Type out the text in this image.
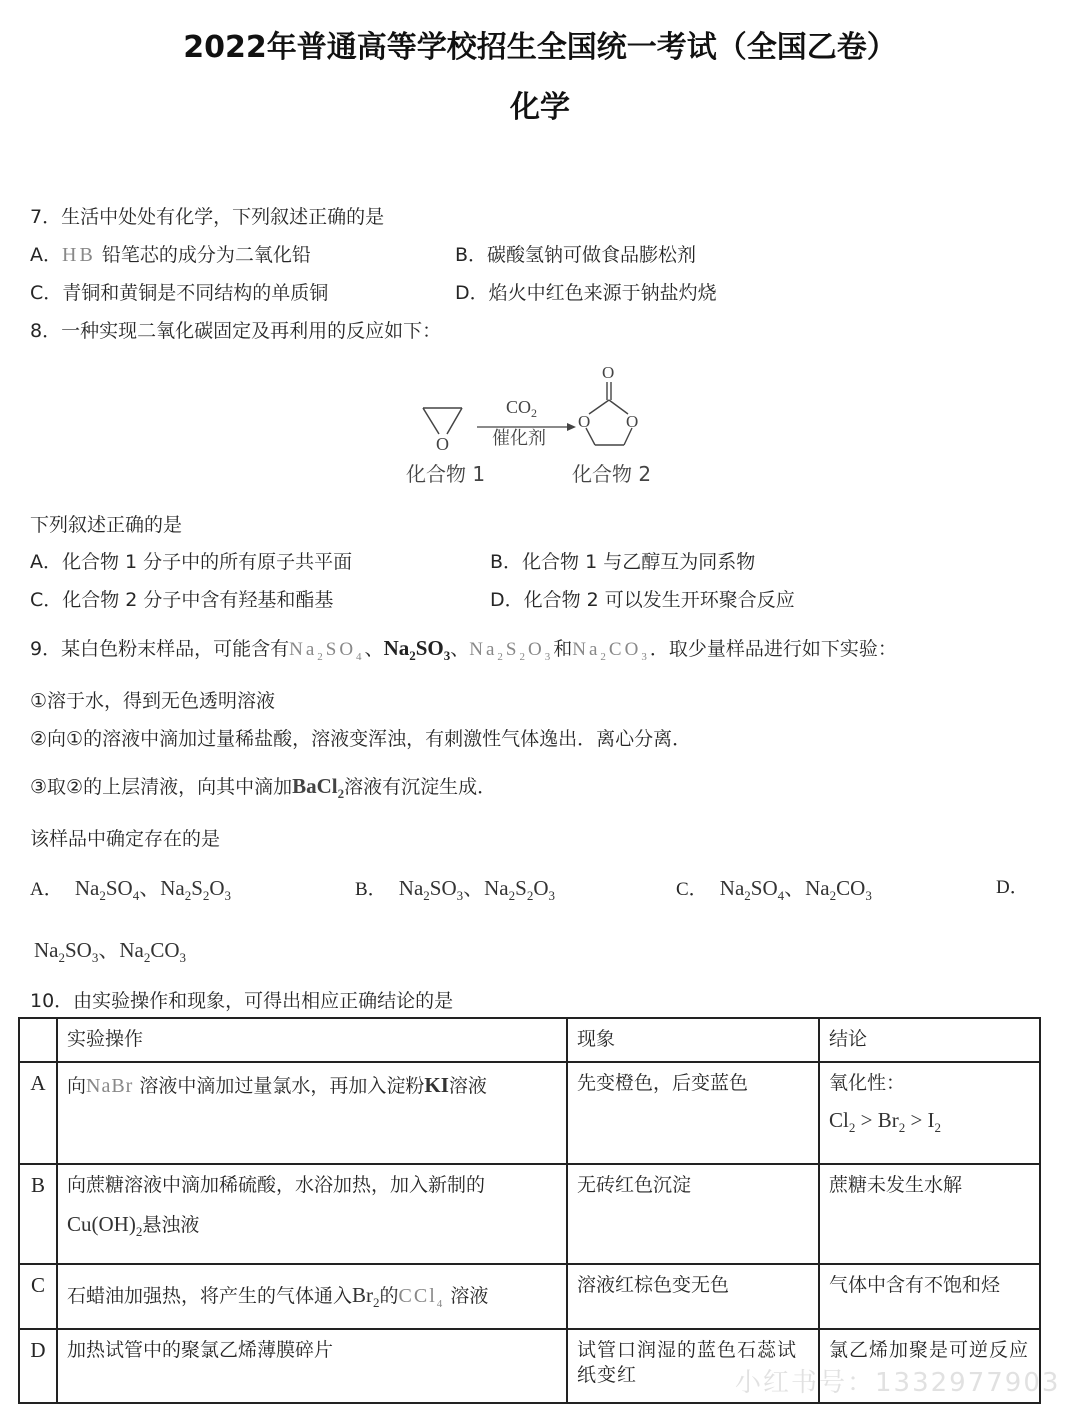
2022年普通高等学校招生全国统一考试（全国乙卷）
化学
7．生活中处处有化学，下列叙述正确的是
A．HB 铅笔芯的成分为二氧化铅	B．碳酸氢钠可做食品膨松剂
C．青铜和黄铜是不同结构的单质铜	D．焰火中红色来源于钠盐灼烧
8．一种实现二氧化碳固定及再利用的反应如下：
O
$CO_2$
催化剂
O
O O
化合物 1	化合物 2
下列叙述正确的是
A．化合物 1 分子中的所有原子共平面	B．化合物 1 与乙醇互为同系物
C．化合物 2 分子中含有羟基和酯基	D．化合物 2 可以发生开环聚合反应
9．某白色粉末样品，可能含有$Na_2SO_4$、$Na_2SO_3$、$Na_2S_2O_3$和$Na_2CO_3$．取少量样品进行如下实验：
①溶于水，得到无色透明溶液
②向①的溶液中滴加过量稀盐酸，溶液变浑浊，有刺激性气体逸出．离心分离．
③取②的上层清液，向其中滴加BaCl$_2$溶液有沉淀生成．
该样品中确定存在的是
A． $Na_2SO_4$、$Na_2S_2O_3$	B． $Na_2SO_3$、$Na_2S_2O_3$	C． $Na_2SO_4$、$Na_2CO_3$	D．
$Na_2SO_3$、$Na_2CO_3$
10．由实验操作和现象，可得出相应正确结论的是
	实验操作	现象	结论
A	向NaBr 溶液中滴加过量氯水，再加入淀粉KI溶液	先变橙色，后变蓝色	氧化性：
$Cl_2 > Br_2 > I_2$

B	向蔗糖溶液中滴加稀硫酸，水浴加热，加入新制的
$Cu(OH)_2$悬浊液	无砖红色沉淀	蔗糖未发生水解
C	石蜡油加强热，将产生的气体通入$Br_2$的CCl$_4$ 溶液	溶液红棕色变无色	气体中含有不饱和烃
D	加热试管中的聚氯乙烯薄膜碎片	试管口润湿的蓝色石蕊试纸变红	氯乙烯加聚是可逆反应
小红书号：1332977903
